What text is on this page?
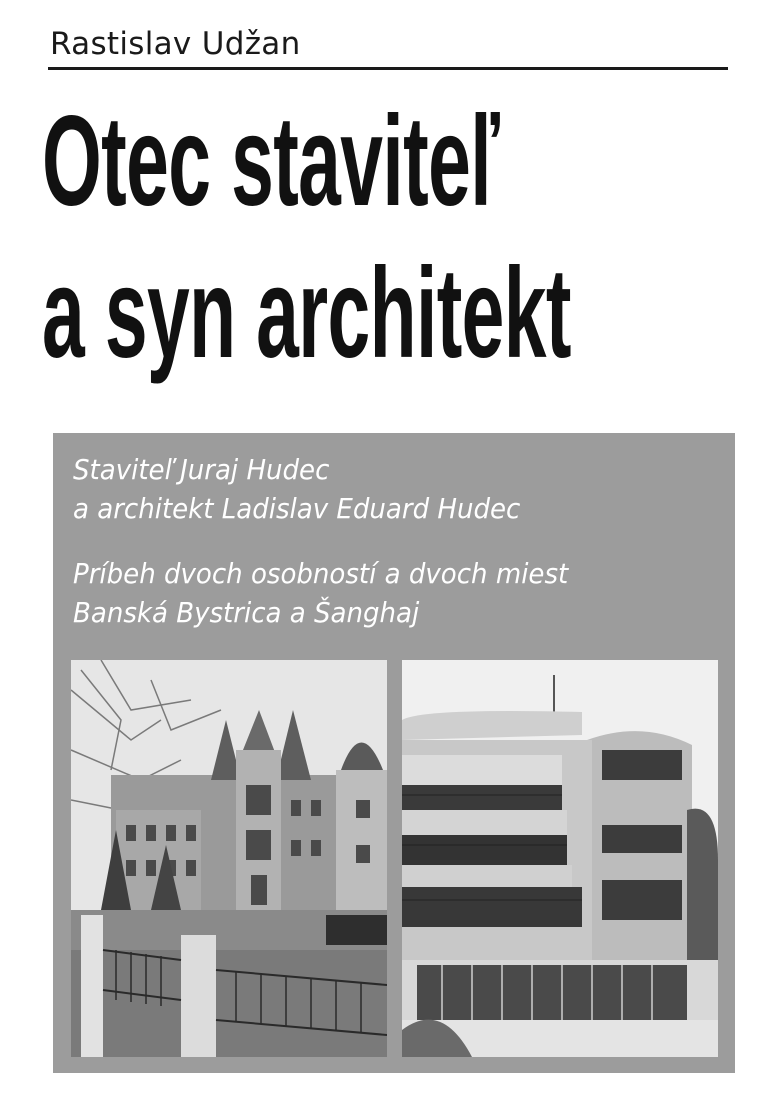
Rastislav Udžan
Otec staviteľ
a syn architekt
Staviteľ Juraj Hudec
a architekt Ladislav Eduard Hudec
Príbeh dvoch osobností a dvoch miest
Banská Bystrica a Šanghaj
